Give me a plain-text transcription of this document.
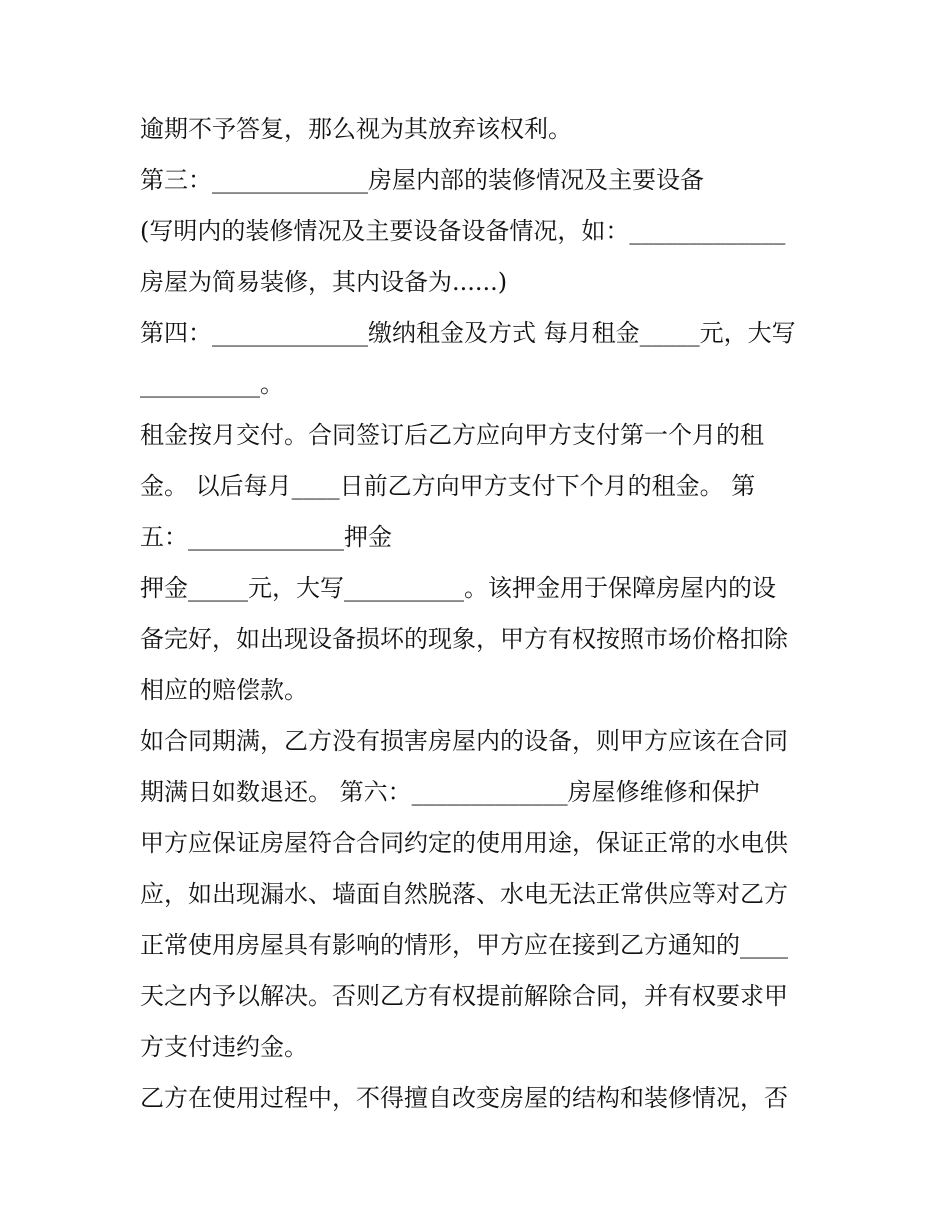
逾期不予答复，那么视为其放弃该权利。
第三：_____________房屋内部的装修情况及主要设备
(写明内的装修情况及主要设备设备情况，如：_____________
房屋为简易装修，其内设备为......)
第四：_____________缴纳租金及方式 每月租金_____元，大写
__________。
租金按月交付。合同签订后乙方应向甲方支付第一个月的租
金。 以后每月____日前乙方向甲方支付下个月的租金。 第
五：_____________押金
押金_____元，大写__________。该押金用于保障房屋内的设
备完好，如出现设备损坏的现象，甲方有权按照市场价格扣除
相应的赔偿款。
如合同期满，乙方没有损害房屋内的设备，则甲方应该在合同
期满日如数退还。 第六：_____________房屋修维修和保护
甲方应保证房屋符合合同约定的使用用途，保证正常的水电供
应，如出现漏水、墙面自然脱落、水电无法正常供应等对乙方
正常使用房屋具有影响的情形，甲方应在接到乙方通知的____
天之内予以解决。否则乙方有权提前解除合同，并有权要求甲
方支付违约金。
乙方在使用过程中，不得擅自改变房屋的结构和装修情况，否
